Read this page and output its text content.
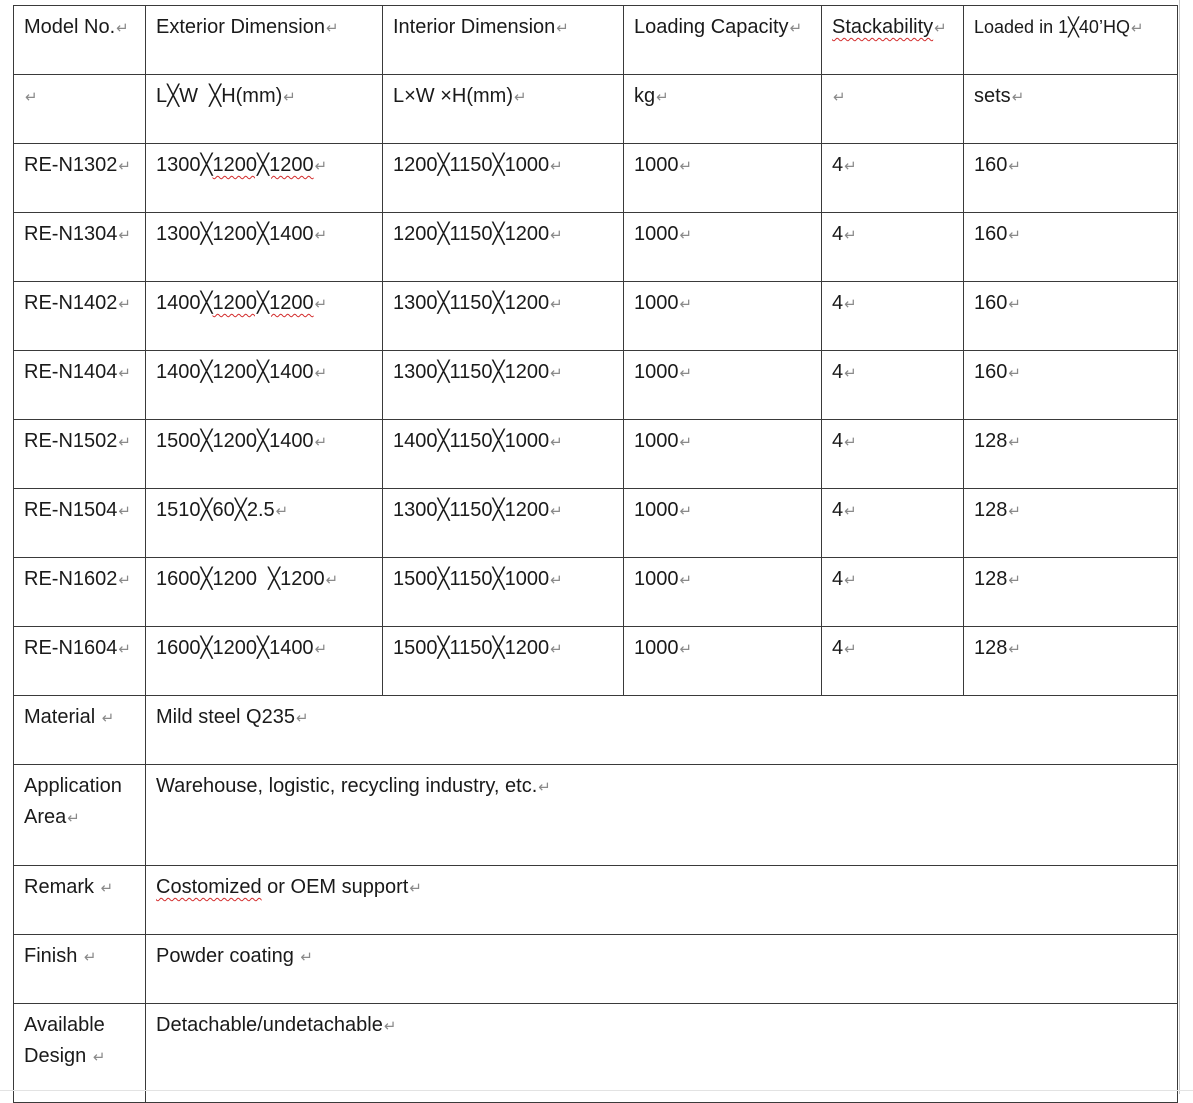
Model No.↵	Exterior Dimension↵	Interior Dimension↵	Loading Capacity↵	Stackability↵	Loaded in 1╳40’HQ↵
↵	L╳W  ╳H(mm)↵	L×W ×H(mm)↵	kg↵	↵	sets↵
RE-N1302↵	1300╳1200╳1200↵	1200╳1150╳1000↵	1000↵	4↵	160↵
RE-N1304↵	1300╳1200╳1400↵	1200╳1150╳1200↵	1000↵	4↵	160↵
RE-N1402↵	1400╳1200╳1200↵	1300╳1150╳1200↵	1000↵	4↵	160↵
RE-N1404↵	1400╳1200╳1400↵	1300╳1150╳1200↵	1000↵	4↵	160↵
RE-N1502↵	1500╳1200╳1400↵	1400╳1150╳1000↵	1000↵	4↵	128↵
RE-N1504↵	1510╳60╳2.5↵	1300╳1150╳1200↵	1000↵	4↵	128↵
RE-N1602↵	1600╳1200  ╳1200↵	1500╳1150╳1000↵	1000↵	4↵	128↵
RE-N1604↵	1600╳1200╳1400↵	1500╳1150╳1200↵	1000↵	4↵	128↵
Material ↵	Mild steel Q235↵				
Application Area↵	Warehouse, logistic, recycling industry, etc.↵				
Remark ↵	Costomized or OEM support↵				
Finish ↵	Powder coating ↵				
Available Design ↵	Detachable/undetachable↵				
